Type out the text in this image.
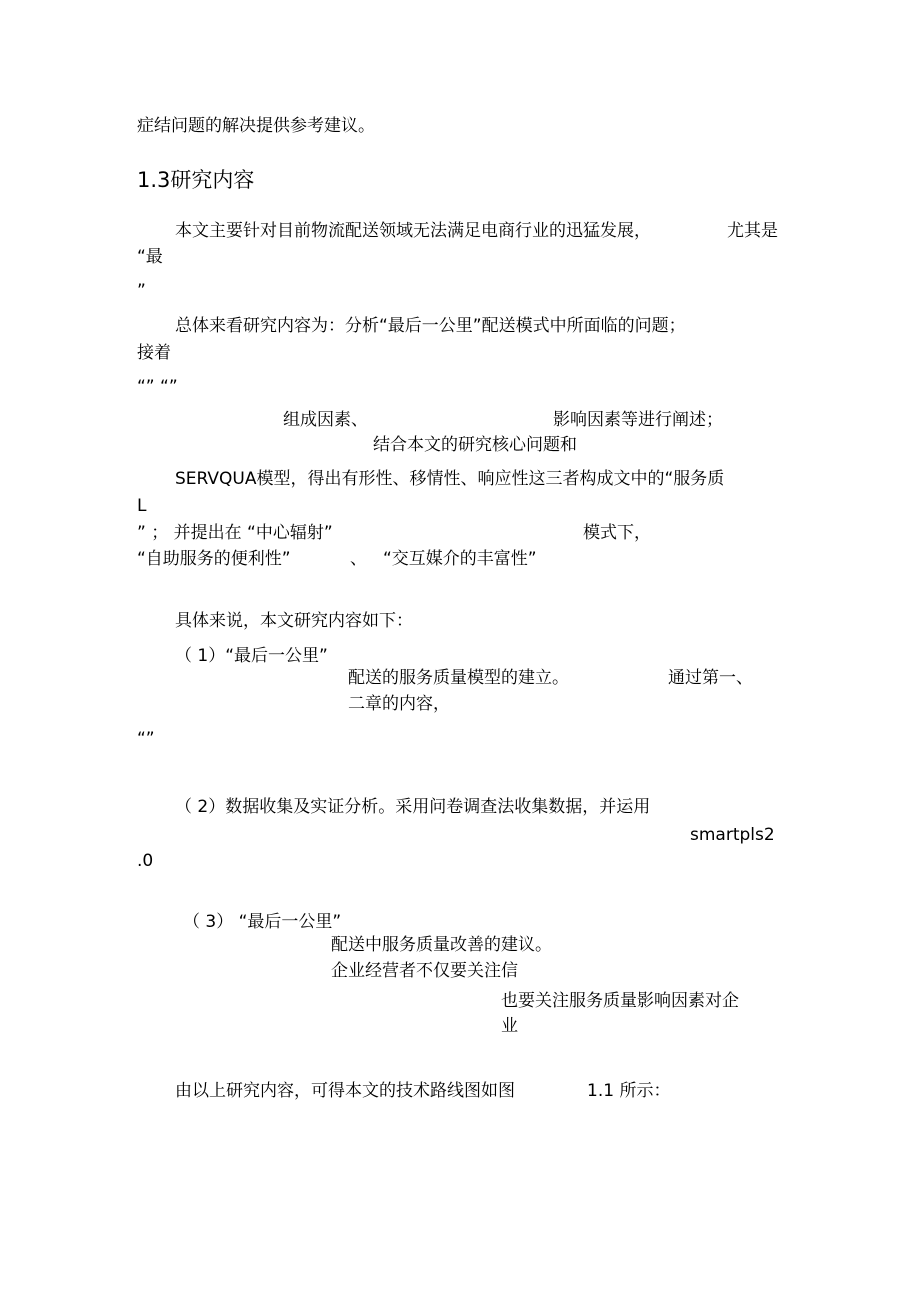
症结问题的解决提供参考建议。
1.3研究内容
本文主要针对目前物流配送领域无法满足电商行业的迅猛发展，	尤其是
“最
”
总体来看研究内容为：分析“最后一公里”配送模式中所面临的问题；
接着
“” “”
组成因素、	影响因素等进行阐述；
结合本文的研究核心问题和
SERVQUA模型，得出有形性、移情性、响应性这三者构成文中的“服务质
L
” ； 并提出在 “中心辐射”	模式下，
“自助服务的便利性”	、 “交互媒介的丰富性”
具体来说，本文研究内容如下：
（ 1）“最后一公里”
配送的服务质量模型的建立。	通过第一、
二章的内容，
“”
（ 2）数据收集及实证分析。采用问卷调查法收集数据，并运用
smartpls2
.0
（ 3） “最后一公里”
配送中服务质量改善的建议。
企业经营者不仅要关注信
也要关注服务质量影响因素对企
业
由以上研究内容，可得本文的技术路线图如图	1.1 所示：
